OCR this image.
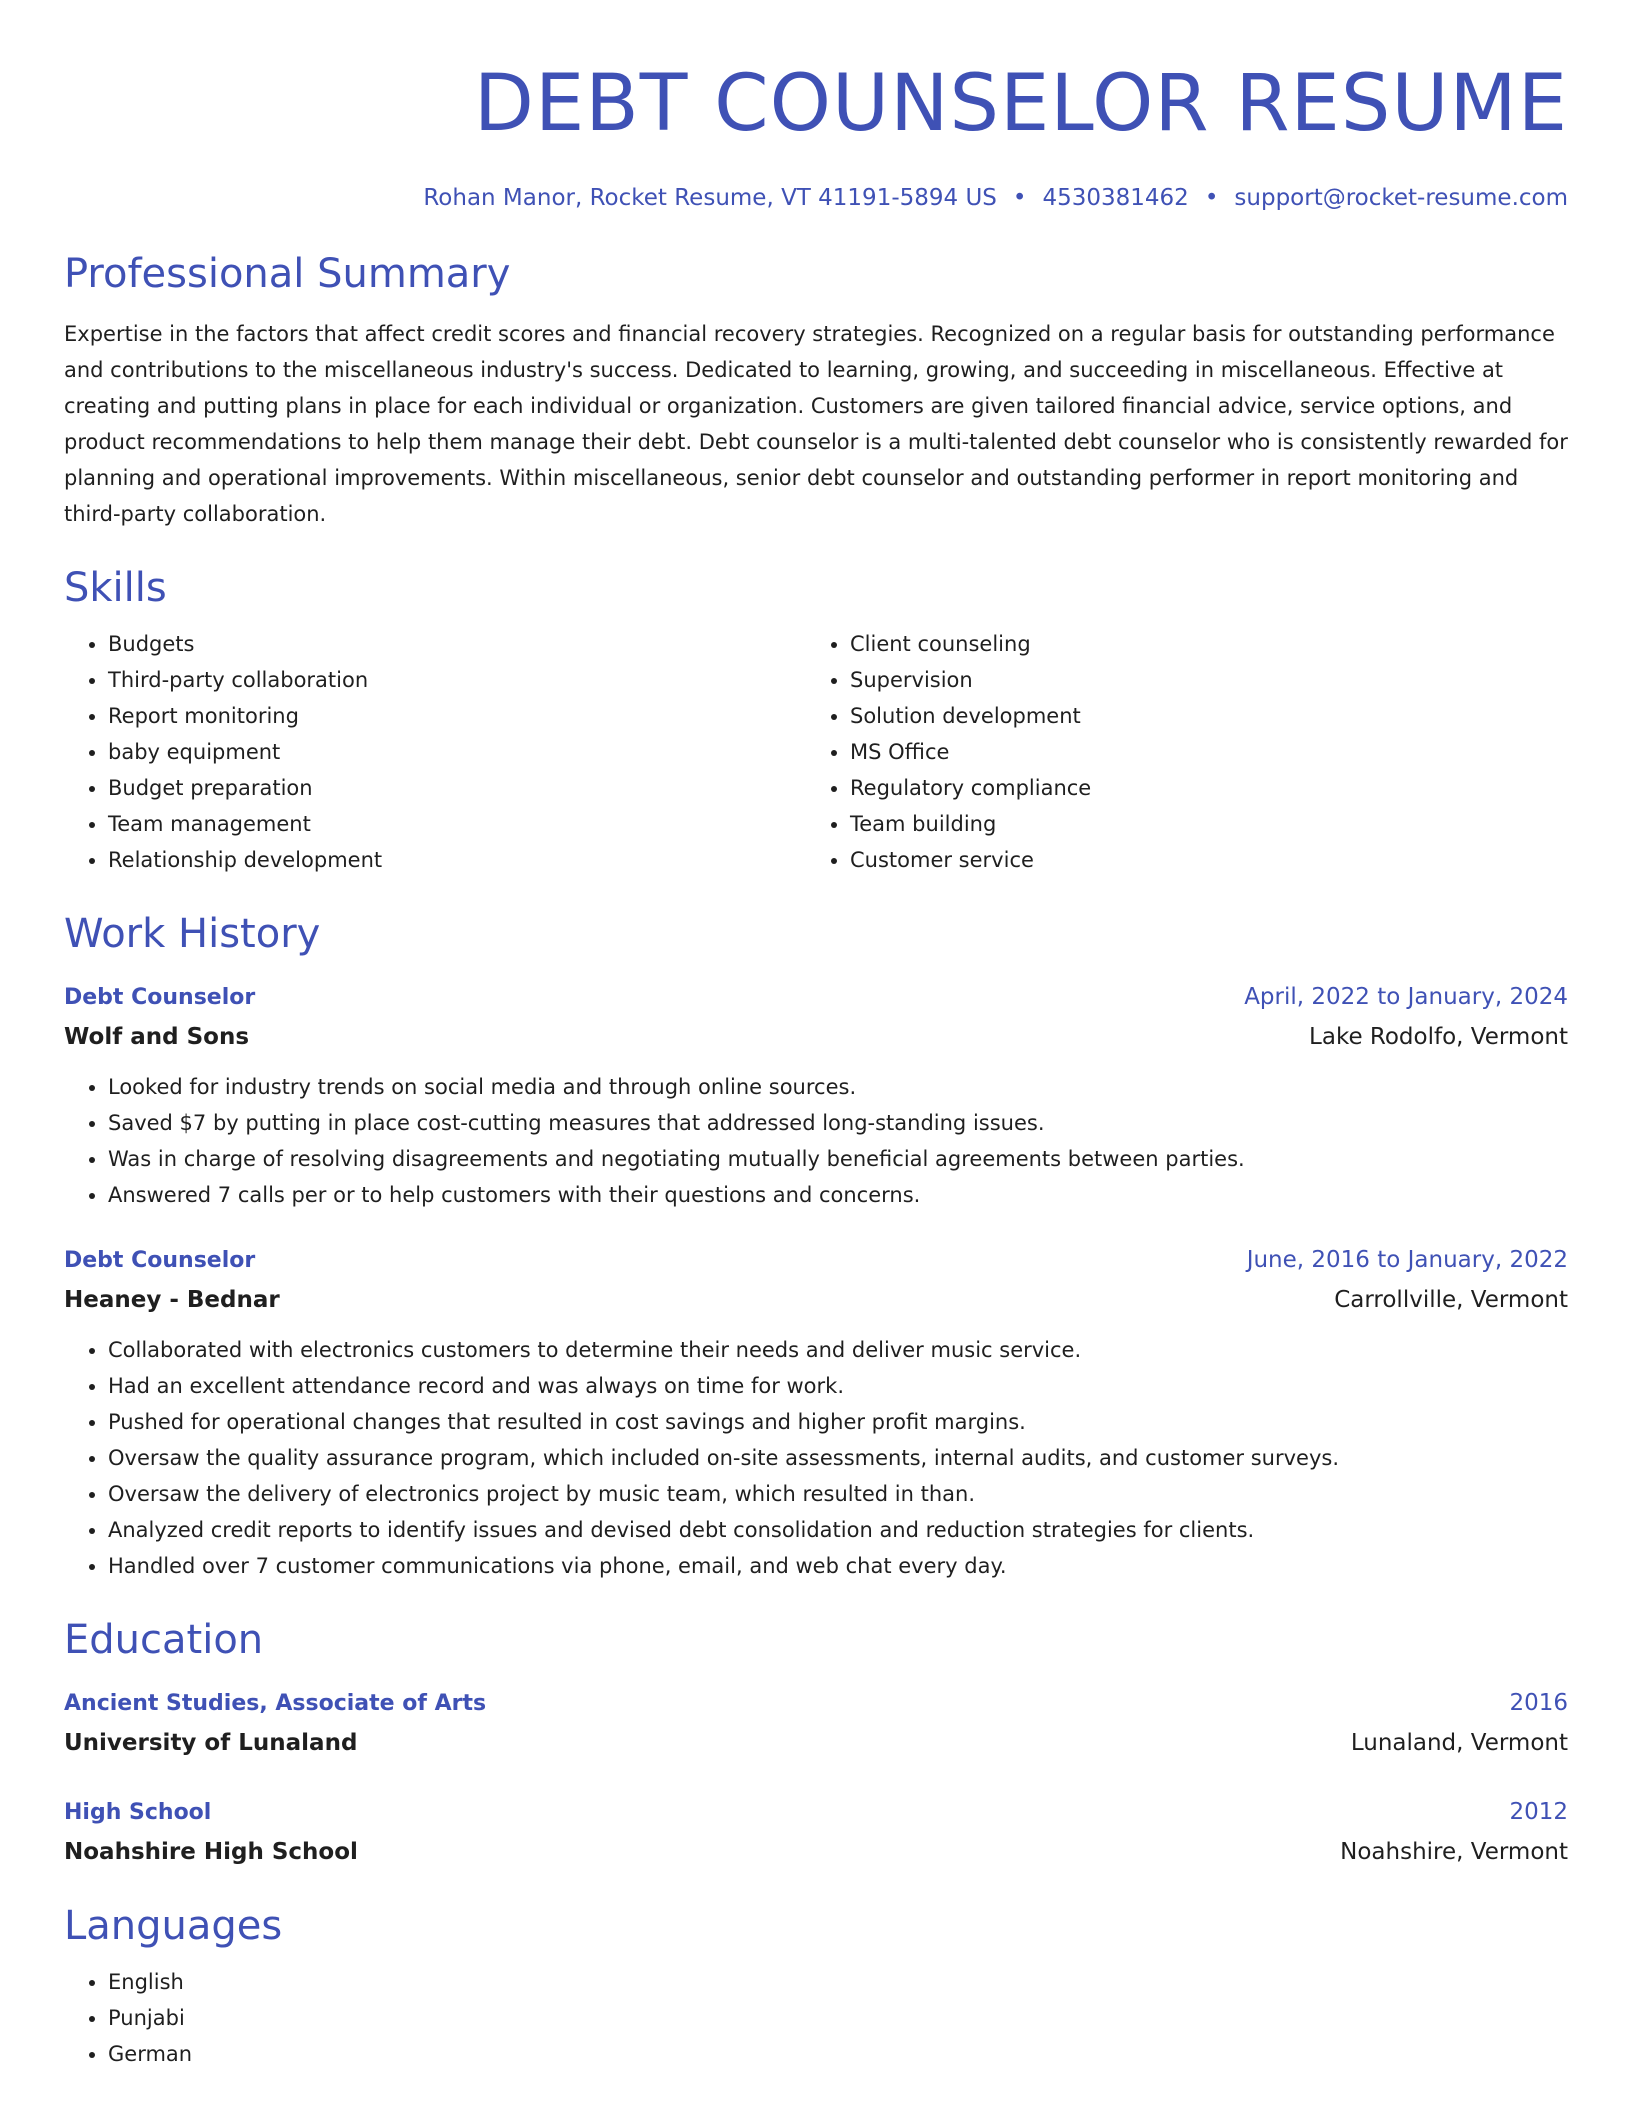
DEBT COUNSELOR RESUME
Rohan Manor, Rocket Resume, VT 41191-5894 US • 4530381462 • support@rocket-resume.com
Professional Summary

Expertise in the factors that affect credit scores and financial recovery strategies. Recognized on a regular basis for outstanding performance and contributions to the miscellaneous industry's success. Dedicated to learning, growing, and succeeding in miscellaneous. Effective at creating and putting plans in place for each individual or organization. Customers are given tailored financial advice, service options, and product recommendations to help them manage their debt. Debt counselor is a multi-talented debt counselor who is consistently rewarded for planning and operational improvements. Within miscellaneous, senior debt counselor and outstanding performer in report monitoring and third-party collaboration.

Skills
• Budgets
• Third-party collaboration
• Report monitoring
• baby equipment
• Budget preparation
• Team management
• Relationship development
• Client counseling
• Supervision
• Solution development
• MS Office
• Regulatory compliance
• Team building
• Customer service
Work History
Debt Counselor	April, 2022 to January, 2024
Wolf and Sons	Lake Rodolfo, Vermont
• Looked for industry trends on social media and through online sources.
• Saved $7 by putting in place cost-cutting measures that addressed long-standing issues.
• Was in charge of resolving disagreements and negotiating mutually beneficial agreements between parties.
• Answered 7 calls per or to help customers with their questions and concerns.
Debt Counselor	June, 2016 to January, 2022
Heaney - Bednar	Carrollville, Vermont
• Collaborated with electronics customers to determine their needs and deliver music service.
• Had an excellent attendance record and was always on time for work.
• Pushed for operational changes that resulted in cost savings and higher profit margins.
• Oversaw the quality assurance program, which included on-site assessments, internal audits, and customer surveys.
• Oversaw the delivery of electronics project by music team, which resulted in than.
• Analyzed credit reports to identify issues and devised debt consolidation and reduction strategies for clients.
• Handled over 7 customer communications via phone, email, and web chat every day.
Education
Ancient Studies, Associate of Arts	2016
University of Lunaland	Lunaland, Vermont
High School	2012
Noahshire High School	Noahshire, Vermont
Languages
• English
• Punjabi
• German
